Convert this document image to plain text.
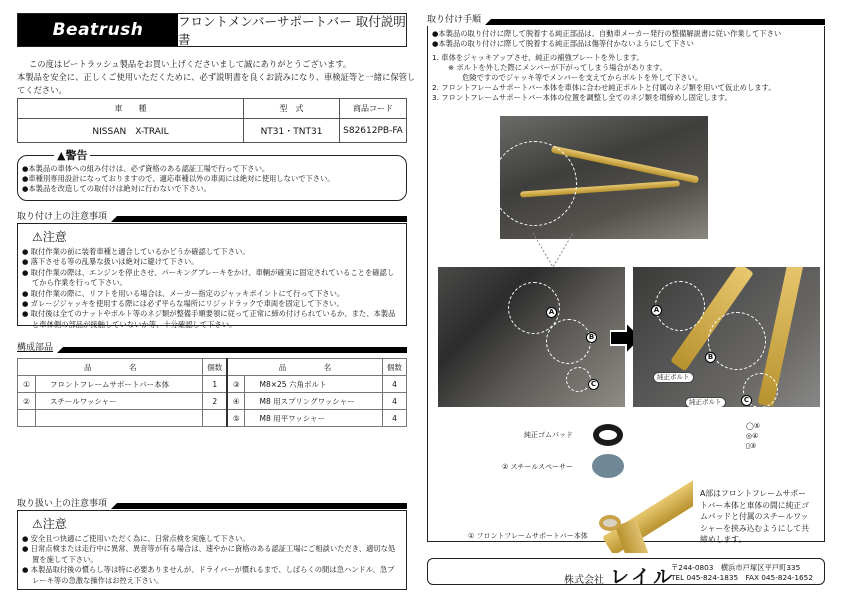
Beatrush	フロントメンバーサポートバー 取付説明書

この度はビートラッシュ製品をお買い上げくださいまして誠にありがとうございます。

本製品を安全に、正しくご使用いただくために、必ず説明書を良くお読みになり、車検証等と一緒に保管してください。

車　　種	型　式	商品コード
NISSAN　X-TRAIL	NT31・TNT31	S82612PB-FA
▲警告
●本製品の車体への組み付けは、必ず資格のある認証工場で行って下さい。
●車種別専用設計になっておりますので、適応車種以外の車両には絶対に使用しないで下さい。
●本製品を改造しての取付けは絶対に行わないで下さい。
取り付け上の注意事項
⚠注意
● 取付作業の前に装着車種と適合しているかどうか確認して下さい。
● 落下させる等の乱暴な扱いは絶対に避けて下さい。
● 取付作業の際は、エンジンを停止させ、パーキングブレーキをかけ、車輌が確実に固定されていることを確認してから作業を行って下さい。
● 取付作業の際に、リフトを用いる場合は、メーカー指定のジャッキポイントにて行って下さい。
● ガレージジャッキを使用する際には必ず平らな場所にリジッドラックで車両を固定して下さい。
● 取付後は全てのナットやボルト等のネジ類が整備手順要領に従って正常に締め付けられているか、また、本製品と車体側の部品が接触していないか等、十分確認して下さい。
構成部品
品　　　　　名		個数	品　　　　　名		個数
①	フロントフレームサポートバー本体	1	③	M8×25 六角ボルト	4
②	スチールワッシャー	2	④	M8 用スプリングワッシャー	4
			⑤	M8 用平ワッシャー	4
取り扱い上の注意事項
⚠注意
● 安全且つ快適にご使用いただく為に、日常点検を実施して下さい。
● 日常点検または走行中に異常、異音等が有る場合は、速やかに資格のある認証工場にご相談いただき、適切な処置を施して下さい。
● 本製品取付後の慣らし等は特に必要ありませんが、ドライバーが慣れるまで、しばらくの間は急ハンドル、急ブレーキ等の急激な操作はお控え下さい。
取り付け手順
●本製品の取り付けに際して脱着する純正部品は、自動車メーカー発行の整備解説書に従い作業して下さい
●本製品の取り付けに際して脱着する純正部品は傷等付かないようにして下さい
1. 車体をジャッキアップさせ、純正の補強プレートを外します。
※ ボルトを外した際にメンバーが下がってしまう場合があります。
危険ですのでジャッキ等でメンバーを支えてからボルトを外して下さい。
2. フロントフレームサポートバー本体を車体に合わせ純正ボルトと付属のネジ類を用いて仮止めします。
3. フロントフレームサポートバー本体の位置を調整し全てのネジ類を増締めし固定します。
A
B
C
A
B
C
純正ボルト
純正ボルト
◯⑤
◎④
▯③
純正ゴムパッド
② スチールスペーサー
① フロントフレームサポートバー本体
A部はフロントフレームサポートバー本体と車体の間に純正ゴムパッドと付属のスチールワッシャーを挟み込むようにして共締めします。
株式会社 レイル
〒244-0803　横浜市戸塚区平戸町335
TEL 045-824-1835　FAX 045-824-1652
